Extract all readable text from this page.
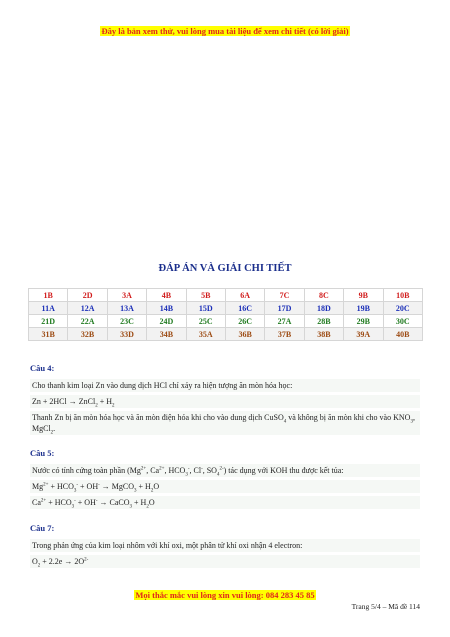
Đây là bản xem thử, vui lòng mua tài liệu để xem chi tiết (có lời giải)
ĐÁP ÁN VÀ GIẢI CHI TIẾT
1B	2D	3A	4B	5B	6A	7C	8C	9B	10B
11A	12A	13A	14B	15D	16C	17D	18D	19B	20C
21D	22A	23C	24D	25C	26C	27A	28B	29B	30C
31B	32B	33D	34B	35A	36B	37B	38B	39A	40B
Câu 4:
Cho thanh kim loại Zn vào dung dịch HCl chỉ xảy ra hiện tượng ăn mòn hóa học:
Zn + 2HCl → ZnCl$_2$ + $H_2$
Thanh Zn bị ăn mòn hóa học và ăn mòn điện hóa khi cho vào dung dịch CuSO$_4$ và không bị ăn mòn khi cho vào $KNO_3$, MgCl$_2$.
Câu 5:
Nước có tính cứng toàn phần ($Mg^{2+}$, $Ca^{2+}$, $HCO_3^-$, Cl-, $SO_4^{2-}$) tác dụng với KOH thu được kết tủa:
$Mg^{2+} + HCO_3^- + OH^-$ → MgCO$_3$ + $H_2O$
$Ca^{2+} + HCO_3^- + OH^-$ → CaCO$_3$ + $H_2O$
Câu 7:
Trong phản ứng của kim loại nhôm với khí oxi, một phân tử khí oxi nhận 4 electron:
$O_2 + 2.2e \to 2O^{2-}$
Mọi thắc mắc vui lòng xin vui lòng: 084 283 45 85
Trang 5/4 – Mã đề 114
